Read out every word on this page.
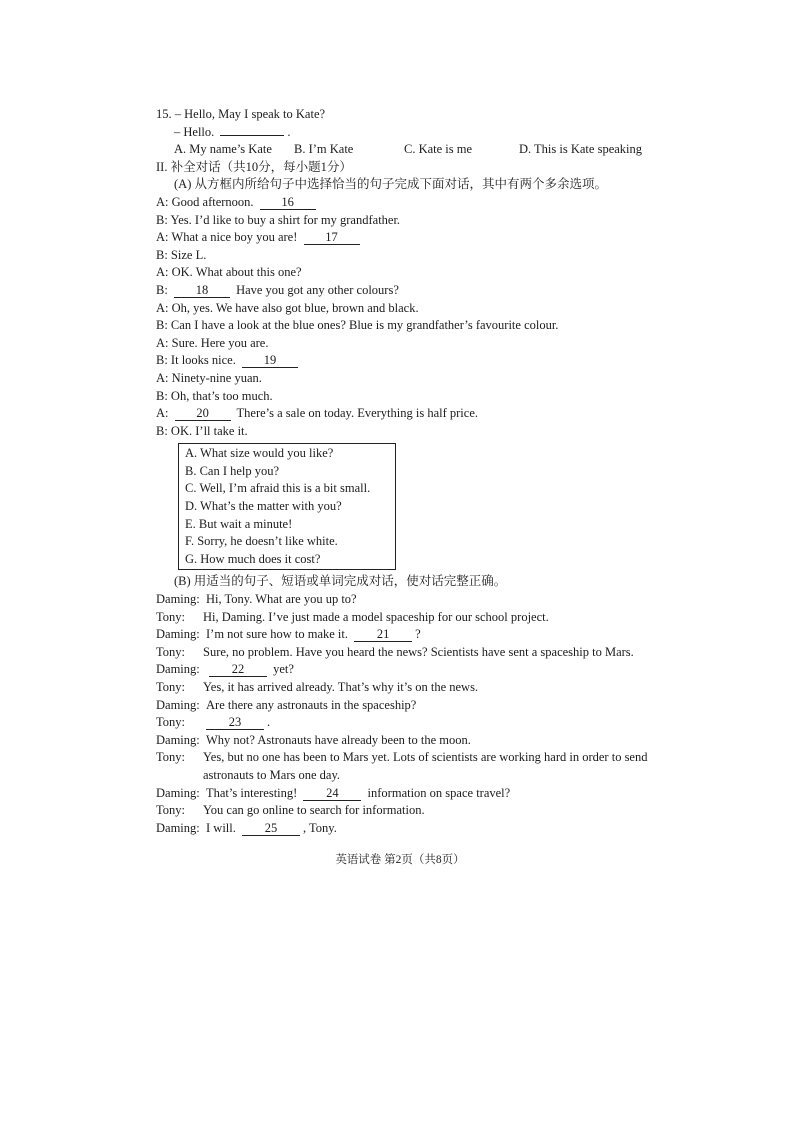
15. – Hello, May I speak to Kate?
– Hello.	.
A. My name’s Kate	B. I’m Kate	C. Kate is me	D. This is Kate speaking
II. 补全对话（共10分，每小题1分）
(A) 从方框内所给句子中选择恰当的句子完成下面对话，其中有两个多余选项。
A: Good afternoon. 16
B: Yes. I’d like to buy a shirt for my grandfather.
A: What a nice boy you are! 17
B: Size L.
A: OK. What about this one?
B: 18 Have you got any other colours?
A: Oh, yes. We have also got blue, brown and black.
B: Can I have a look at the blue ones? Blue is my grandfather’s favourite colour.
A: Sure. Here you are.
B: It looks nice. 19
A: Ninety-nine yuan.
B: Oh, that’s too much.
A: 20 There’s a sale on today. Everything is half price.
B: OK. I’ll take it.
A. What size would you like?
B. Can I help you?
C. Well, I’m afraid this is a bit small.
D. What’s the matter with you?
E. But wait a minute!
F. Sorry, he doesn’t like white.
G. How much does it cost?
(B) 用适当的句子、短语或单词完成对话，使对话完整正确。
Daming: Hi, Tony. What are you up to?
Tony:	Hi, Daming. I’ve just made a model spaceship for our school project.
Daming: I’m not sure how to make it. 21 ?
Tony:	Sure, no problem. Have you heard the news? Scientists have sent a spaceship to Mars.
Daming:	22 yet?
Tony:	Yes, it has arrived already. That’s why it’s on the news.
Daming: Are there any astronauts in the spaceship?
Tony:	23 .
Daming: Why not? Astronauts have already been to the moon.
Tony:	Yes, but no one has been to Mars yet. Lots of scientists are working hard in order to send astronauts to Mars one day.
Daming: That’s interesting! 24 information on space travel?
Tony:	You can go online to search for information.
Daming: I will. 25 , Tony.
英语试卷 第2页（共8页）
